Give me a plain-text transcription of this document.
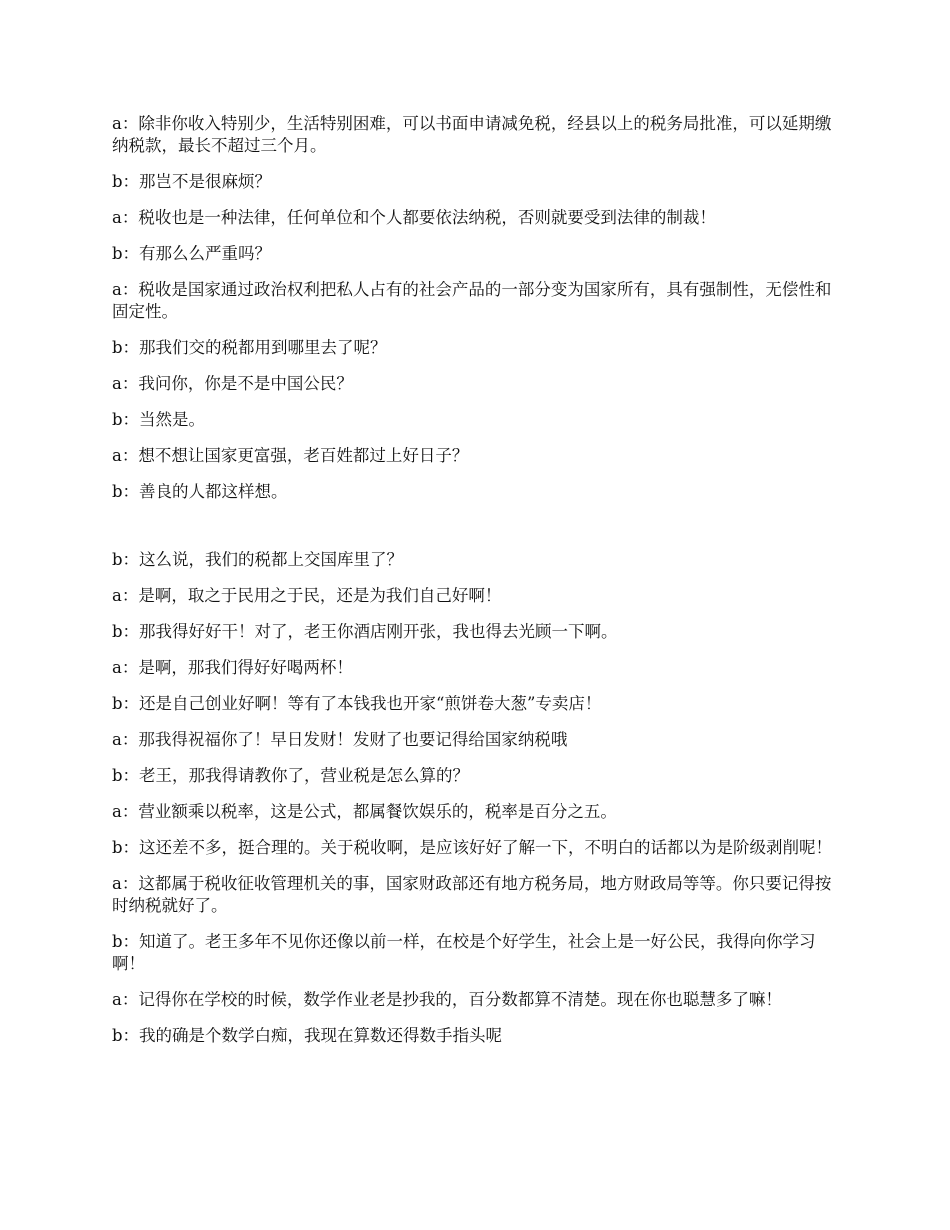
a：除非你收入特别少，生活特别困难，可以书面申请减免税，经县以上的税务局批准，可以延期缴纳税款，最长不超过三个月。

b：那岂不是很麻烦？

a：税收也是一种法律，任何单位和个人都要依法纳税，否则就要受到法律的制裁！

b：有那么么严重吗？

a：税收是国家通过政治权利把私人占有的社会产品的一部分变为国家所有，具有强制性，无偿性和固定性。

b：那我们交的税都用到哪里去了呢？

a：我问你，你是不是中国公民？

b：当然是。

a：想不想让国家更富强，老百姓都过上好日子？

b：善良的人都这样想。

b：这么说，我们的税都上交国库里了？

a：是啊，取之于民用之于民，还是为我们自己好啊！

b：那我得好好干！对了，老王你酒店刚开张，我也得去光顾一下啊。

a：是啊，那我们得好好喝两杯！

b：还是自己创业好啊！等有了本钱我也开家“煎饼卷大葱”专卖店！

a：那我得祝福你了！早日发财！发财了也要记得给国家纳税哦

b：老王，那我得请教你了，营业税是怎么算的？

a：营业额乘以税率，这是公式，都属餐饮娱乐的，税率是百分之五。

b：这还差不多，挺合理的。关于税收啊，是应该好好了解一下，不明白的话都以为是阶级剥削呢！

a：这都属于税收征收管理机关的事，国家财政部还有地方税务局，地方财政局等等。你只要记得按时纳税就好了。

b：知道了。老王多年不见你还像以前一样，在校是个好学生，社会上是一好公民，我得向你学习啊！

a：记得你在学校的时候，数学作业老是抄我的，百分数都算不清楚。现在你也聪慧多了嘛！

b：我的确是个数学白痴，我现在算数还得数手指头呢
